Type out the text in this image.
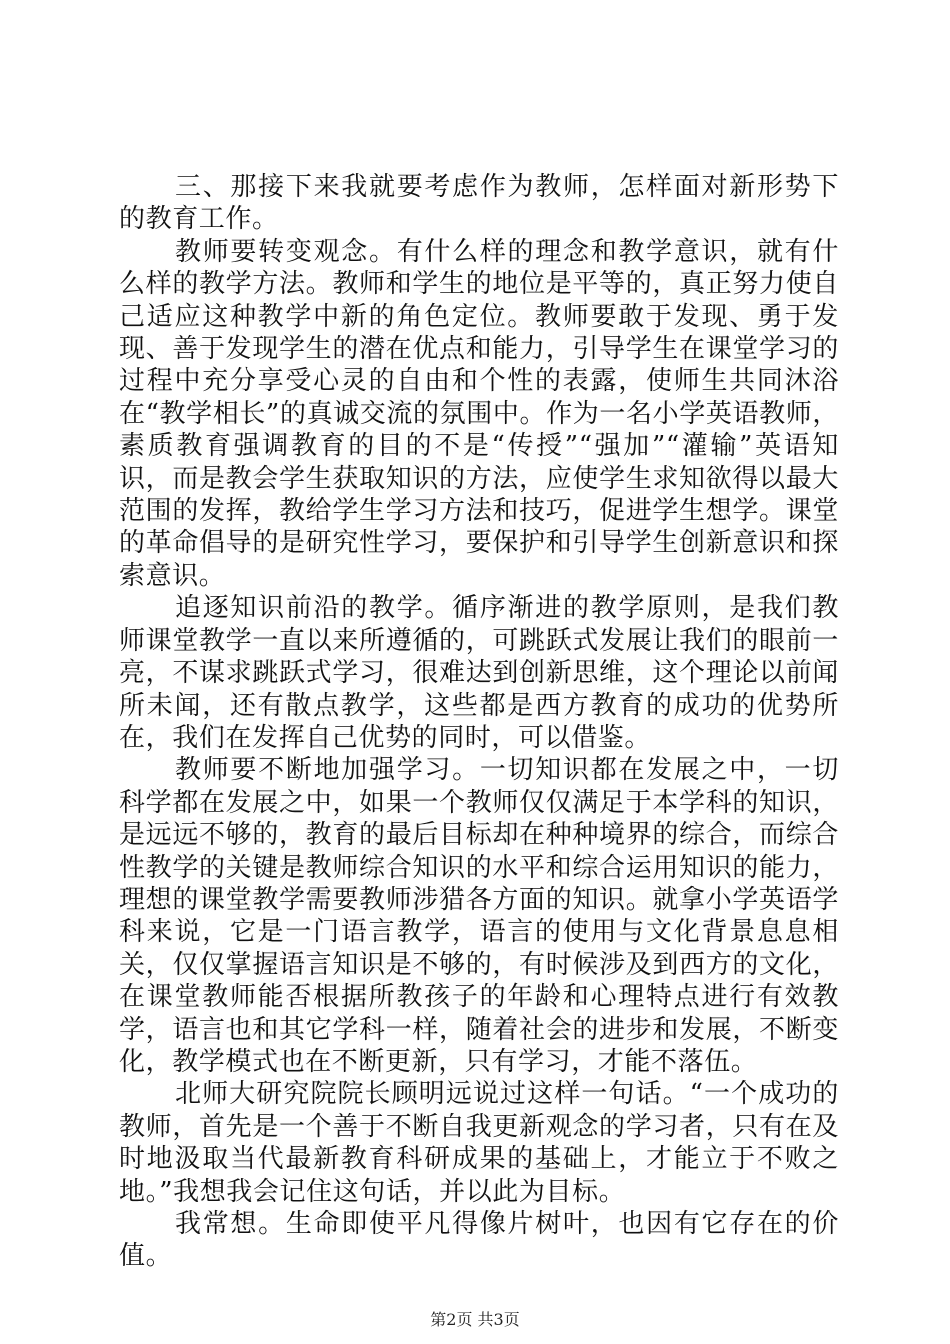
三、那接下来我就要考虑作为教师，怎样面对新形势下的教育工作。

教师要转变观念。有什么样的理念和教学意识，就有什么样的教学方法。教师和学生的地位是平等的，真正努力使自己适应这种教学中新的角色定位。教师要敢于发现、勇于发现、善于发现学生的潜在优点和能力，引导学生在课堂学习的过程中充分享受心灵的自由和个性的表露，使师生共同沐浴在“教学相长”的真诚交流的氛围中。作为一名小学英语教师，素质教育强调教育的目的不是“传授”“强加”“灌输”英语知识，而是教会学生获取知识的方法，应使学生求知欲得以最大范围的发挥，教给学生学习方法和技巧，促进学生想学。课堂的革命倡导的是研究性学习，要保护和引导学生创新意识和探索意识。

追逐知识前沿的教学。循序渐进的教学原则，是我们教师课堂教学一直以来所遵循的，可跳跃式发展让我们的眼前一亮，不谋求跳跃式学习，很难达到创新思维，这个理论以前闻所未闻，还有散点教学，这些都是西方教育的成功的优势所在，我们在发挥自己优势的同时，可以借鉴。

教师要不断地加强学习。一切知识都在发展之中，一切科学都在发展之中，如果一个教师仅仅满足于本学科的知识，是远远不够的，教育的最后目标却在种种境界的综合，而综合性教学的关键是教师综合知识的水平和综合运用知识的能力，理想的课堂教学需要教师涉猎各方面的知识。就拿小学英语学科来说，它是一门语言教学，语言的使用与文化背景息息相关，仅仅掌握语言知识是不够的，有时候涉及到西方的文化，在课堂教师能否根据所教孩子的年龄和心理特点进行有效教学，语言也和其它学科一样，随着社会的进步和发展，不断变化，教学模式也在不断更新，只有学习，才能不落伍。

北师大研究院院长顾明远说过这样一句话。“一个成功的教师，首先是一个善于不断自我更新观念的学习者，只有在及时地汲取当代最新教育科研成果的基础上，才能立于不败之地。”我想我会记住这句话，并以此为目标。

我常想。生命即使平凡得像片树叶，也因有它存在的价值。

第2页 共3页
